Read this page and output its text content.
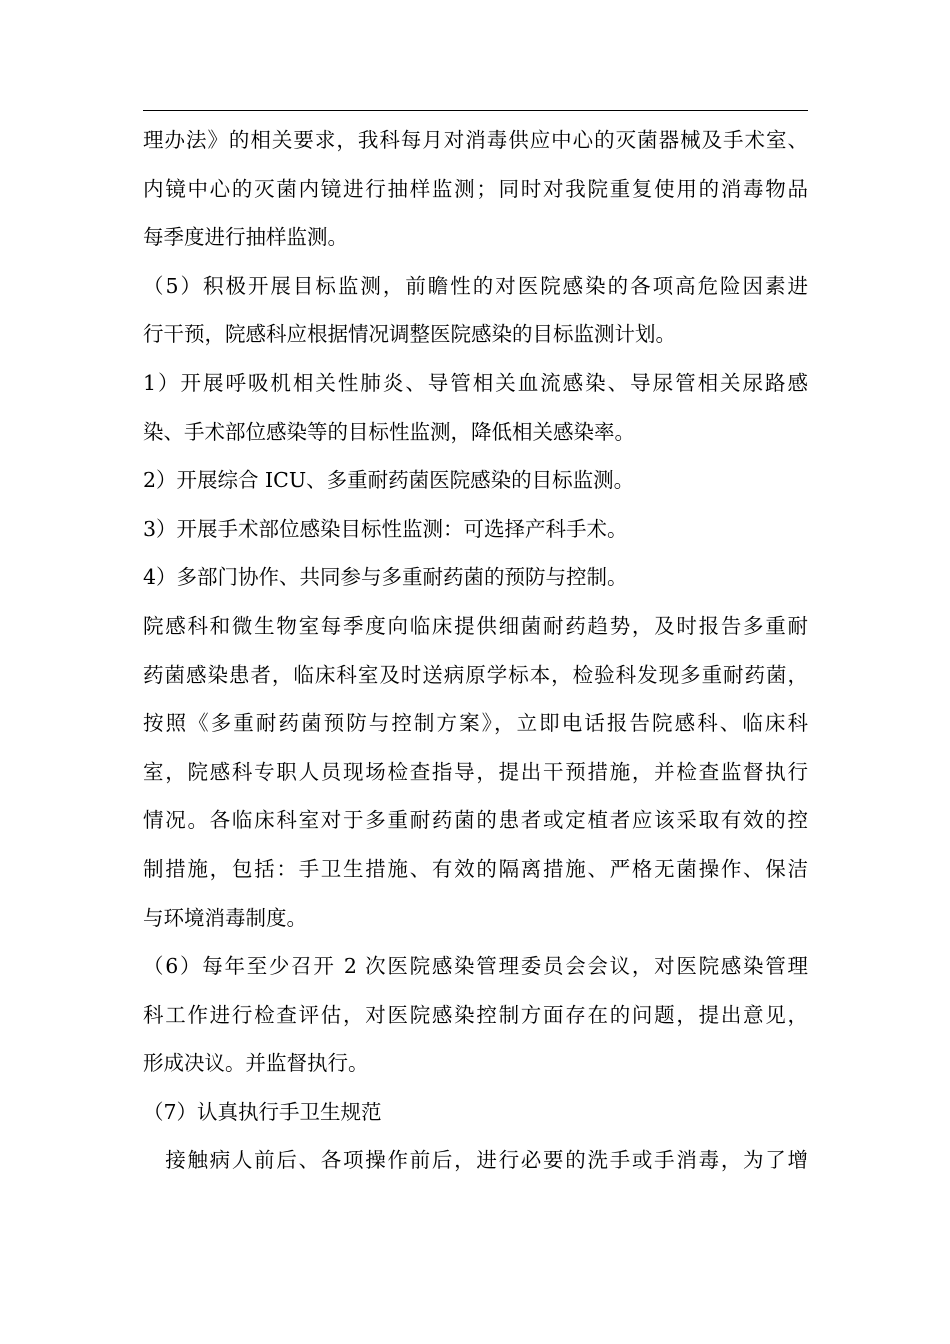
理办法》的相关要求，我科每月对消毒供应中心的灭菌器械及手术室、
内镜中心的灭菌内镜进行抽样监测；同时对我院重复使用的消毒物品
每季度进行抽样监测。
（5）积极开展目标监测，前瞻性的对医院感染的各项高危险因素进
行干预，院感科应根据情况调整医院感染的目标监测计划。
1）开展呼吸机相关性肺炎、导管相关血流感染、导尿管相关尿路感
染、手术部位感染等的目标性监测，降低相关感染率。
2）开展综合 ICU、多重耐药菌医院感染的目标监测。
3）开展手术部位感染目标性监测：可选择产科手术。
4）多部门协作、共同参与多重耐药菌的预防与控制。
院感科和微生物室每季度向临床提供细菌耐药趋势，及时报告多重耐
药菌感染患者，临床科室及时送病原学标本，检验科发现多重耐药菌，
按照《多重耐药菌预防与控制方案》，立即电话报告院感科、临床科
室，院感科专职人员现场检查指导，提出干预措施，并检查监督执行
情况。各临床科室对于多重耐药菌的患者或定植者应该采取有效的控
制措施，包括：手卫生措施、有效的隔离措施、严格无菌操作、保洁
与环境消毒制度。
（6）每年至少召开 2 次医院感染管理委员会会议，对医院感染管理
科工作进行检查评估，对医院感染控制方面存在的问题，提出意见，
形成决议。并监督执行。
（7）认真执行手卫生规范
　接触病人前后、各项操作前后，进行必要的洗手或手消毒，为了增
